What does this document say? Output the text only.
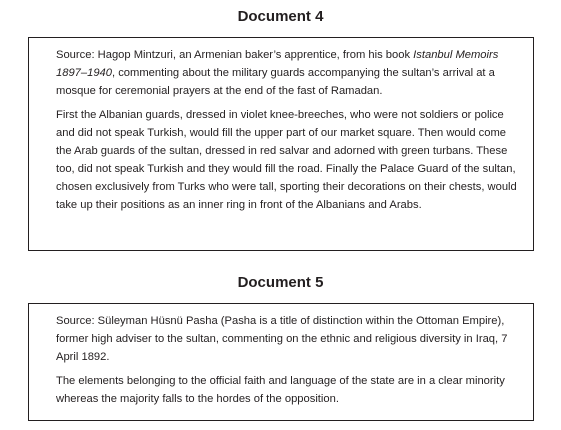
Document 4

Source: Hagop Mintzuri, an Armenian baker’s apprentice, from his book Istanbul Memoirs 1897–1940, commenting about the military guards accompanying the sultan’s arrival at a mosque for ceremonial prayers at the end of the fast of Ramadan.

First the Albanian guards, dressed in violet knee-breeches, who were not soldiers or police and did not speak Turkish, would fill the upper part of our market square. Then would come the Arab guards of the sultan, dressed in red salvar and adorned with green turbans. These too, did not speak Turkish and they would fill the road. Finally the Palace Guard of the sultan, chosen exclusively from Turks who were tall, sporting their decorations on their chests, would take up their positions as an inner ring in front of the Albanians and Arabs.

Document 5

Source: Süleyman Hüsnü Pasha (Pasha is a title of distinction within the Ottoman Empire), former high adviser to the sultan, commenting on the ethnic and religious diversity in Iraq, 7 April 1892.

The elements belonging to the official faith and language of the state are in a clear minority whereas the majority falls to the hordes of the opposition.
